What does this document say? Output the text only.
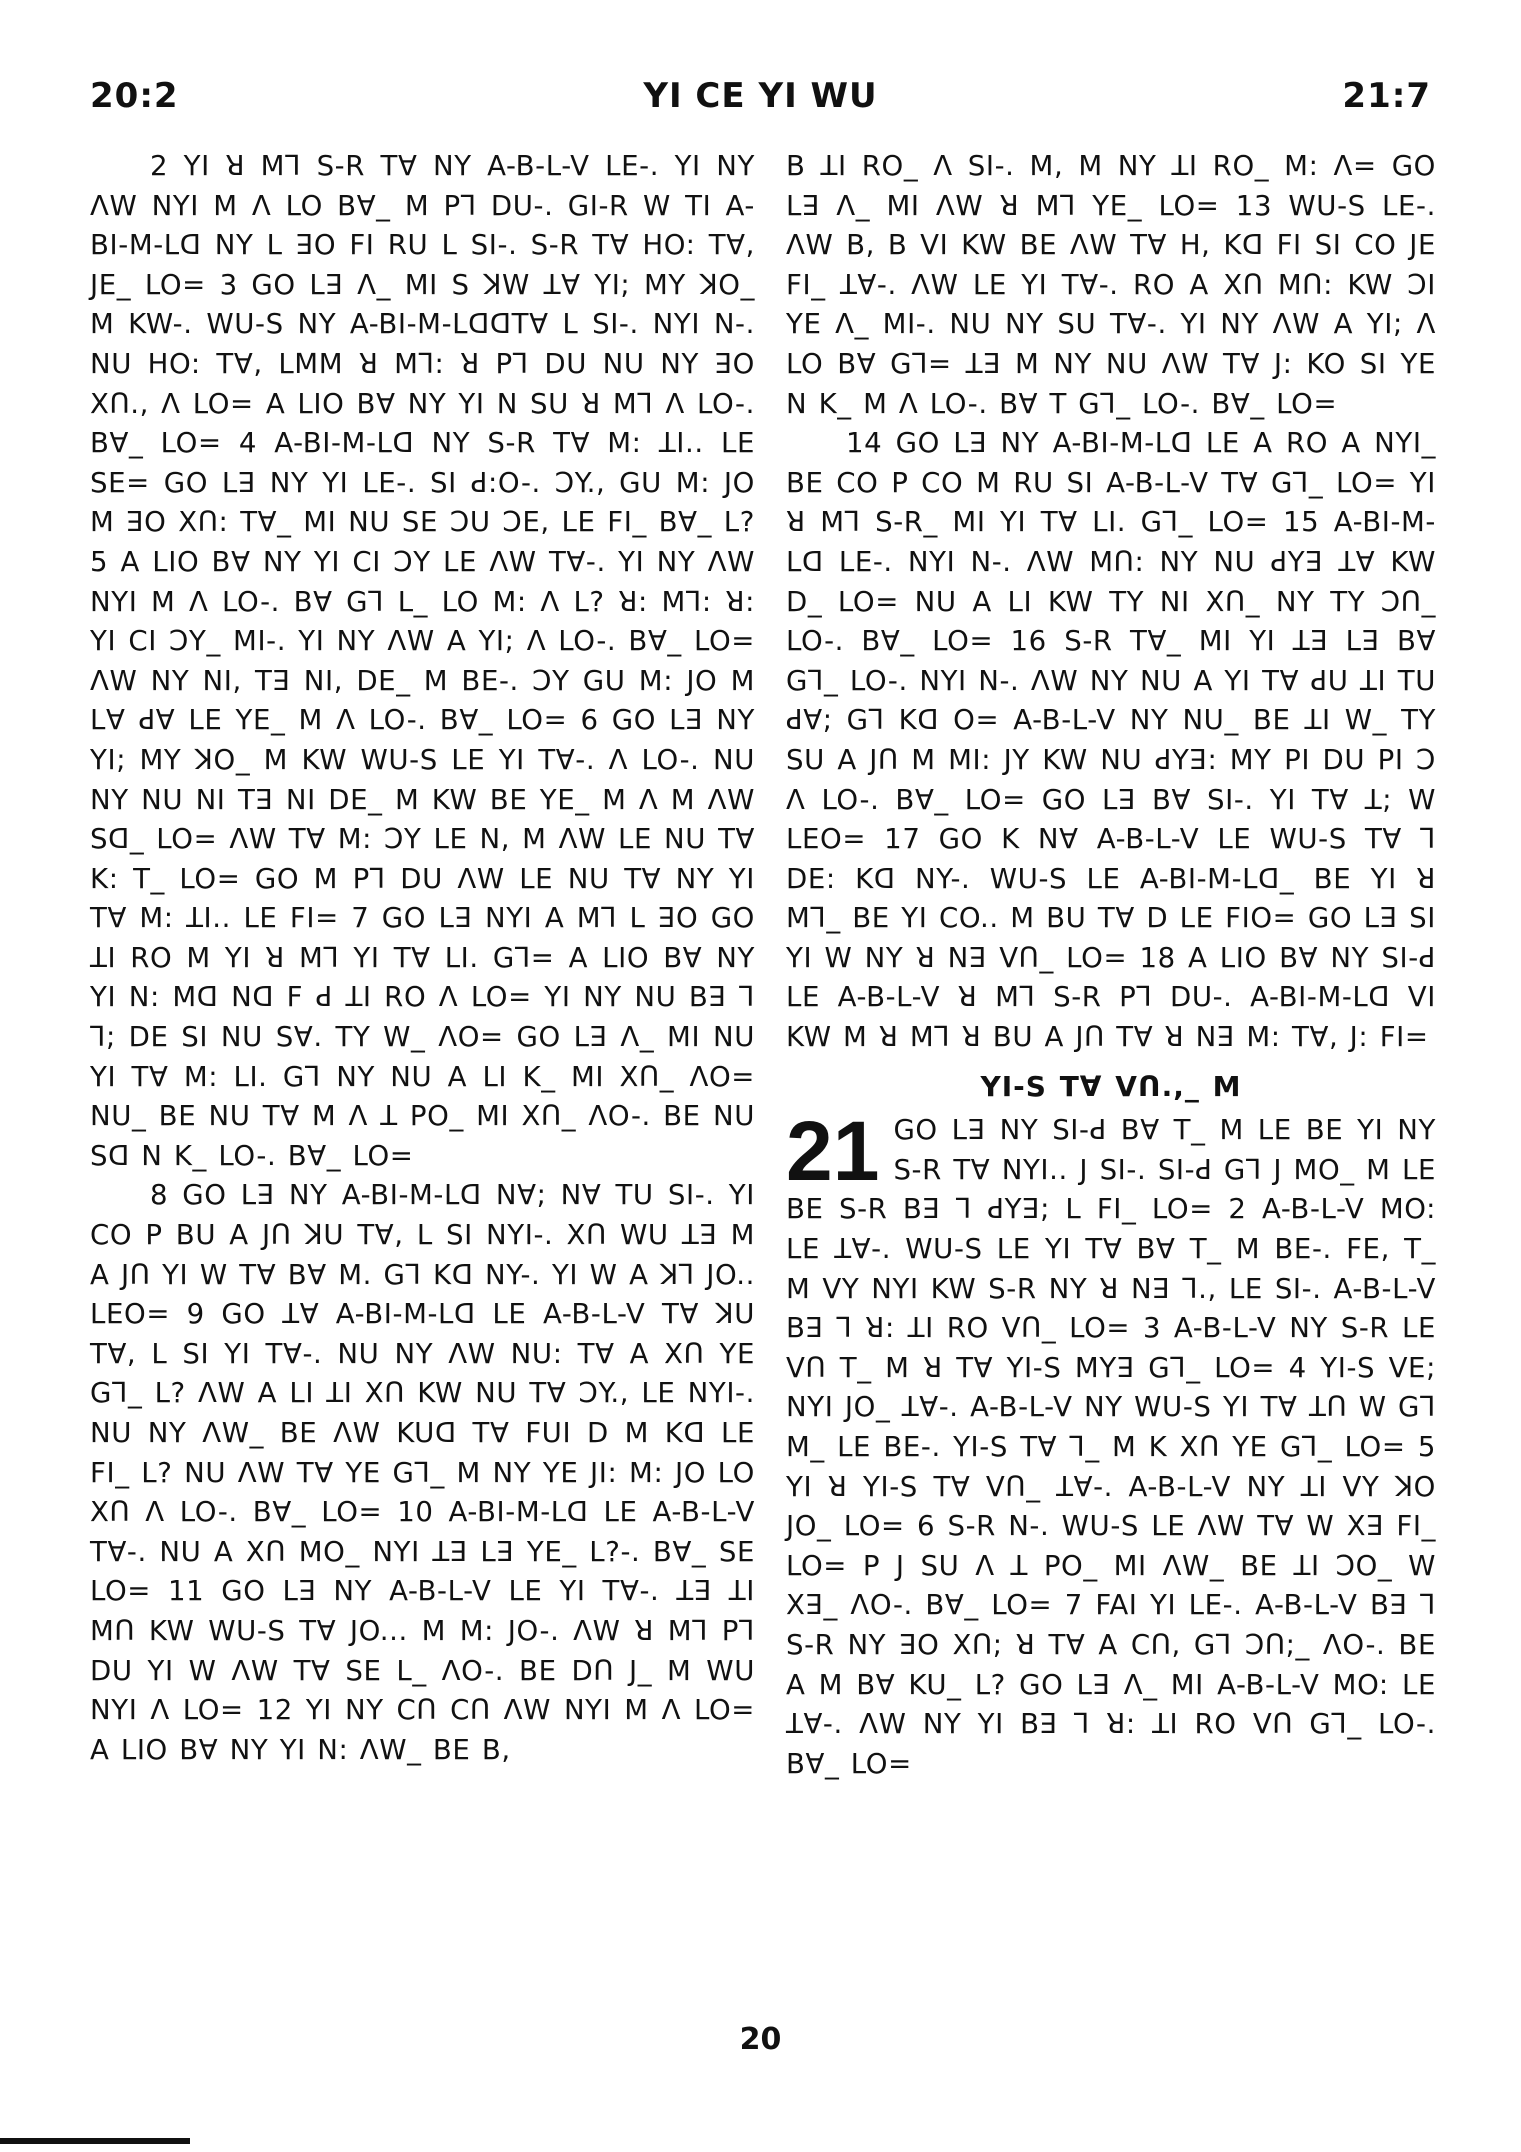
20:2	YI CE YI WU	21:7

2 YI ꓤ Mꓶ S-R Tꓯ NY A-B-L-V LE-. YI NY ꓥW NYI M ꓥ LO Bꓯ_ M Pꓶ DU-. GI-R W TI A-BI-M-Lꓷ NY L ꓱO FI ꓣU L SI-. S-R Tꓯ HO: Tꓯ, JE_ LO= 3 GO Lꓱ ꓥ_ MI S ꓘW ꓕꓯ YI; MY ꓘO_ M KW-. WU-S NY A-BI-M-LꓷꓷTꓯ L SI-. NYI N-. NU HO: Tꓯ, LꓟM ꓤ Mꓶ: ꓤ Pꓶ DU NU NY ꓱO Xꓵ., ꓥ LO= A LIO Bꓯ NY YI N SU ꓤ Mꓶ ꓥ LO-. Bꓯ_ LO= 4 A-BI-M-Lꓷ NY S-R Tꓯ M: ꓕI.. LE SE= GO Lꓱ NY YI LE-. SI ꓒ:O-. ꓛY., GU M: JO M ꓱO Xꓵ: Tꓯ_ MI NU SE ꓛU ꓛE, LE FI_ Bꓯ_ L? 5 A LIO Bꓯ NY YI CI ꓛY LE ꓥW Tꓯ-. YI NY ꓥW NYI M ꓥ LO-. Bꓯ Gꓶ L_ LO M: ꓥ L? ꓤ: Mꓶ: ꓤ: YI CI ꓛY_ MI-. YI NY ꓥW A YI; ꓥ LO-. Bꓯ_ LO= ꓥW NY NI, Tꓱ NI, DE_ M BE-. ꓛY GU M: JO M Lꓯ ꓒꓯ LE YE_ M ꓥ LO-. Bꓯ_ LO= 6 GO Lꓱ NY YI; MY ꓘO_ M KW WU-S LE YI Tꓯ-. ꓥ LO-. NU NY NU NI Tꓱ NI DE_ M KW BE YE_ M ꓥ M ꓥW Sꓷ_ LO= ꓥW Tꓯ M: ꓛY LE N, M ꓥW LE NU Tꓯ K: T_ LO= GO M Pꓶ DU ꓥW LE NU Tꓯ NY YI Tꓯ M: ꓕI.. LE FI= 7 GO Lꓱ NYI A Mꓶ L ꓱO GO ꓕI RO M YI ꓤ Mꓶ YI Tꓯ LI. Gꓶ= A LIO Bꓯ NY YI N: Mꓷ Nꓷ F ꓒ ꓕI RO ꓥ LO= YI NY NU Bꓱ ꓶ ꓶ; DE SI NU Sꓯ. TY W_ ꓥO= GO Lꓱ ꓥ_ MI NU YI Tꓯ M: LI. Gꓶ NY NU A LI K_ MI Xꓵ_ ꓥO= NU_ BE NU Tꓯ M ꓥ ꓕ PO_ MI Xꓵ_ ꓥO-. BE NU Sꓷ N K_ LO-. Bꓯ_ LO=

8 GO Lꓱ NY A-BI-M-Lꓷ Nꓯ; Nꓯ TU SI-. YI CO P BU A Jꓵ ꓘU Tꓯ, L SI NYI-. Xꓵ WU ꓕꓱ M A Jꓵ YI W Tꓯ Bꓯ M. Gꓶ Kꓷ NY-. YI W A ꓘꓶ JO.. LEO= 9 GO ꓕꓯ A-BI-M-Lꓷ LE A-B-L-V Tꓯ ꓘU Tꓯ, L SI YI Tꓯ-. NU NY ꓥW NU: Tꓯ A Xꓵ YE Gꓶ_ L? ꓥW A LI ꓕI Xꓵ KW NU Tꓯ ꓛY., LE NYI-. NU NY ꓥW_ BE ꓥW KUꓷ Tꓯ FUI D M Kꓷ LE FI_ L? NU ꓥW Tꓯ YE Gꓶ_ M NY YE JI: M: JO LO Xꓵ ꓥ LO-. Bꓯ_ LO= 10 A-BI-M-Lꓷ LE A-B-L-V Tꓯ-. NU A Xꓵ MO_ NYI ꓕꓱ Lꓱ YE_ L?-. Bꓯ_ SE LO= 11 GO Lꓱ NY A-B-L-V LE YI Tꓯ-. ꓕꓱ ꓕI Mꓵ KW WU-S Tꓯ JO... M M: JO-. ꓥW ꓤ Mꓶ Pꓶ DU YI W ꓥW Tꓯ SE L_ ꓥO-. BE Dꓵ J_ M WU NYI ꓥ LO= 12 YI NY Cꓵ Cꓵ ꓥW NYI M ꓥ LO= A LIO Bꓯ NY YI N: ꓥW_ BE B,

B ꓕI RO_ ꓥ SI-. M, M NY ꓕI RO_ M: ꓥ= GO Lꓱ ꓥ_ MI ꓥW ꓤ Mꓶ YE_ LO= 13 WU-S LE-. ꓥW B, B VI KW BE ꓥW Tꓯ H, Kꓷ FI SI CO JE FI_ ꓕꓯ-. ꓥW LE YI Tꓯ-. RO A Xꓵ Mꓵ: KW ꓛI YE ꓥ_ MI-. NU NY SU Tꓯ-. YI NY ꓥW A YI; ꓥ LO Bꓯ Gꓶ= ꓕꓱ M NY NU ꓥW Tꓯ J: KO SI YE N K_ M ꓥ LO-. Bꓯ T Gꓶ_ LO-. Bꓯ_ LO=

14 GO Lꓱ NY A-BI-M-Lꓷ LE A RO A NYI_ BE CO P CO M RU SI A-B-L-V Tꓯ Gꓶ_ LO= YI ꓤ Mꓶ S-R_ MI YI Tꓯ LI. Gꓶ_ LO= 15 A-BI-M-Lꓷ LE-. NYI N-. ꓥW Mꓵ: NY NU ꓒYꓱ ꓕꓯ KW D_ LO= NU A LI KW TY NI Xꓵ_ NY TY ꓛꓵ_ LO-. Bꓯ_ LO= 16 S-R Tꓯ_ MI YI ꓕꓱ Lꓱ Bꓯ Gꓶ_ LO-. NYI N-. ꓥW NY NU A YI Tꓯ ꓒU ꓕI TU ꓒꓯ; Gꓶ Kꓷ O= A-B-L-V NY NU_ BE ꓕI W_ TY SU A Jꓵ M MI: JY KW NU ꓒYꓱ: MY PI DU PI ꓛ ꓥ LO-. Bꓯ_ LO= GO Lꓱ Bꓯ SI-. YI Tꓯ ꓕ; W LEO= 17 GO K Nꓯ A-B-L-V LE WU-S Tꓯ ꓶ DE: Kꓷ NY-. WU-S LE A-BI-M-Lꓷ_ BE YI ꓤ Mꓶ_ BE YI CO.. M BU Tꓯ D LE FIO= GO Lꓱ SI YI W NY ꓤ Nꓱ Vꓵ_ LO= 18 A LIO Bꓯ NY SI-ꓒ LE A-B-L-V ꓤ Mꓶ S-R Pꓶ DU-. A-BI-M-Lꓷ VI KW M ꓤ Mꓶ ꓤ BU A Jꓵ Tꓯ ꓤ Nꓱ M: Tꓯ, J: FI=

YI-S Tꓯ Vꓵ.,_ M
21 GO Lꓱ NY SI-ꓒ Bꓯ T_ M LE BE YI NY S-R Tꓯ NYI.. J SI-. SI-ꓒ Gꓶ J MO_ M LE BE S-R Bꓱ ꓶ ꓒYꓱ; L FI_ LO= 2 A-B-L-V MO: LE ꓕꓯ-. WU-S LE YI Tꓯ Bꓯ T_ M BE-. FE, T_ M VY NYI KW S-R NY ꓤ Nꓱ ꓶ., LE SI-. A-B-L-V Bꓱ ꓶ ꓤ: ꓕI RO Vꓵ_ LO= 3 A-B-L-V NY S-R LE Vꓵ T_ M ꓤ Tꓯ YI-S MYꓱ Gꓶ_ LO= 4 YI-S VE; NYI JO_ ꓕꓯ-. A-B-L-V NY WU-S YI Tꓯ ꓕꓵ W Gꓶ M_ LE BE-. YI-S Tꓯ ꓶ_ M K Xꓵ YE Gꓶ_ LO= 5 YI ꓤ YI-S Tꓯ Vꓵ_ ꓕꓯ-. A-B-L-V NY ꓕI VY ꓘO JO_ LO= 6 S-R N-. WU-S LE ꓥW Tꓯ W Xꓱ FI_ LO= P J SU ꓥ ꓕ PO_ MI ꓥW_ BE ꓕI ꓛO_ W Xꓱ_ ꓥO-. Bꓯ_ LO= 7 FAI YI LE-. A-B-L-V Bꓱ ꓶ S-R NY ꓱO Xꓵ; ꓤ Tꓯ A Cꓵ, Gꓶ ꓛꓵ;_ ꓥO-. BE A M Bꓯ KU_ L? GO Lꓱ ꓥ_ MI A-B-L-V MO: LE ꓕꓯ-. ꓥW NY YI Bꓱ ꓶ ꓤ: ꓕI RO Vꓵ Gꓶ_ LO-. Bꓯ_ LO=

20
